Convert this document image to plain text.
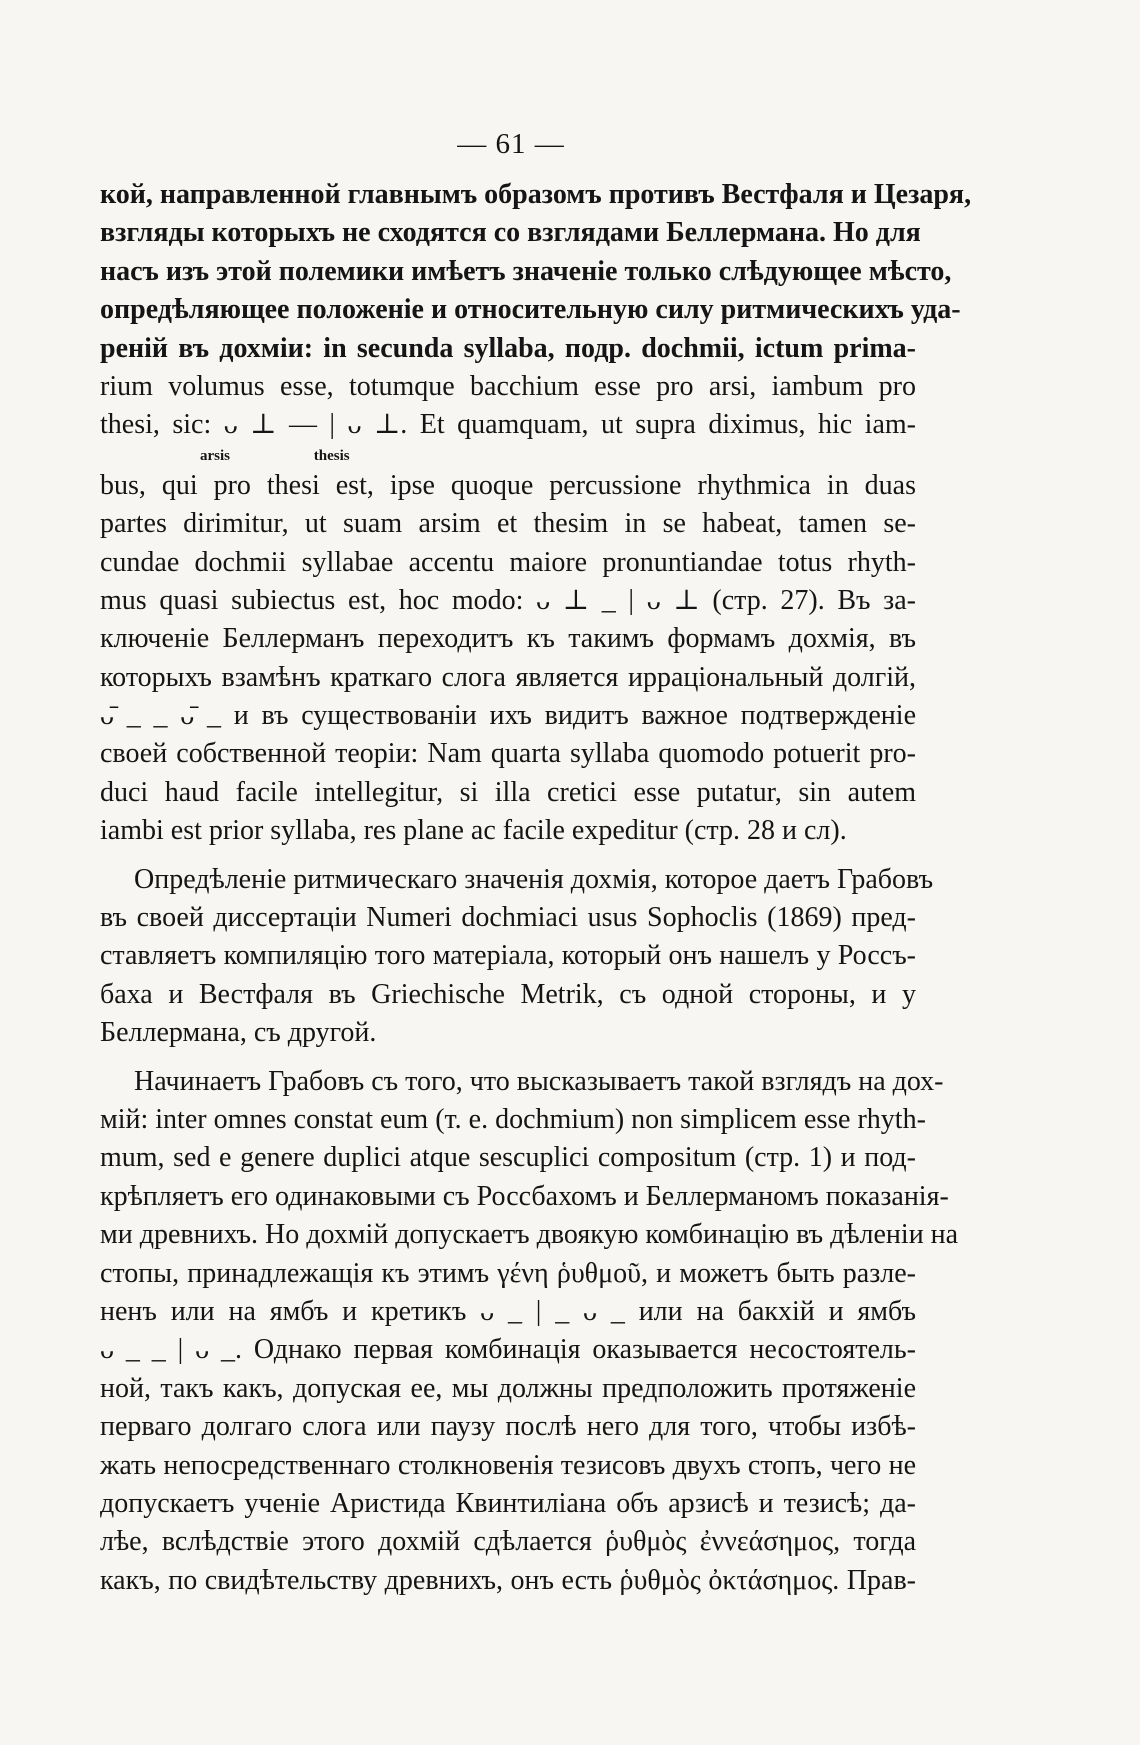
— 61 —
кой, направленной главнымъ образомъ противъ Вестфаля и Цезаря,
взгляды которыхъ не сходятся со взглядами Беллермана. Но для
насъ изъ этой полемики имѣетъ значеніе только слѣдующее мѣсто,
опредѣляющее положеніе и относительную силу ритмическихъ уда-
реній въ дохміи: in secunda syllaba, подр. dochmii, ictum prima-
rium volumus esse, totumque bacchium esse pro arsi, iambum pro
thesi, sic: ᴗ ⊥ — | ᴗ ⊥. Et quamquam, ut supra diximus, hic iam-
arsis	thesis
bus, qui pro thesi est, ipse quoque percussione rhythmica in duas
partes dirimitur, ut suam arsim et thesim in se habeat, tamen se-
cundae dochmii syllabae accentu maiore pronuntiandae totus rhyth-
mus quasi subiectus est, hoc modo: ᴗ ⊥ _ | ᴗ ⊥ (стр. 27). Въ за-
ключеніе Беллерманъ переходитъ къ такимъ формамъ дохмія, въ
которыхъ взамѣнъ краткаго слога является ирраціональный долгій,
ᴗ̄ _ _ ᴗ̄ _ и въ существованіи ихъ видитъ важное подтвержденіе
своей собственной теоріи: Nam quarta syllaba quomodo potuerit pro-
duci haud facile intellegitur, si illa cretici esse putatur, sin autem
iambi est prior syllaba, res plane ac facile expeditur (стр. 28 и сл).
Опредѣленіе ритмическаго значенія дохмія, которое даетъ Грабовъ
въ своей диссертаціи Numeri dochmiaci usus Sophoclis (1869) пред-
ставляетъ компиляцію того матеріала, который онъ нашелъ у Россъ-
баха и Вестфаля въ Griechische Metrik, съ одной стороны, и у
Беллермана, съ другой.
Начинаетъ Грабовъ съ того, что высказываетъ такой взглядъ на дох-
мій: inter omnes constat eum (т. е. dochmium) non simplicem esse rhyth-
mum, sed e genere duplici atque sescuplici compositum (стр. 1) и под-
крѣпляетъ его одинаковыми съ Россбахомъ и Беллерманомъ показанія-
ми древнихъ. Но дохмій допускаетъ двоякую комбинацію въ дѣленіи на
стопы, принадлежащія къ этимъ γένη ῥυθμοῦ, и можетъ быть разле-
ненъ или на ямбъ и кретикъ ᴗ _ | _ ᴗ _ или на бакхій и ямбъ
ᴗ _ _ | ᴗ _. Однако первая комбинація оказывается несостоятель-
ной, такъ какъ, допуская ее, мы должны предположить протяженіе
перваго долгаго слога или паузу послѣ него для того, чтобы избѣ-
жать непосредственнаго столкновенія тезисовъ двухъ стопъ, чего не
допускаетъ ученіе Аристида Квинтиліана объ арзисѣ и тезисѣ; да-
лѣе, вслѣдствіе этого дохмій сдѣлается ῥυθμὸς ἐννεάσημος, тогда
какъ, по свидѣтельству древнихъ, онъ есть ῥυθμὸς ὀκτάσημος. Прав-
